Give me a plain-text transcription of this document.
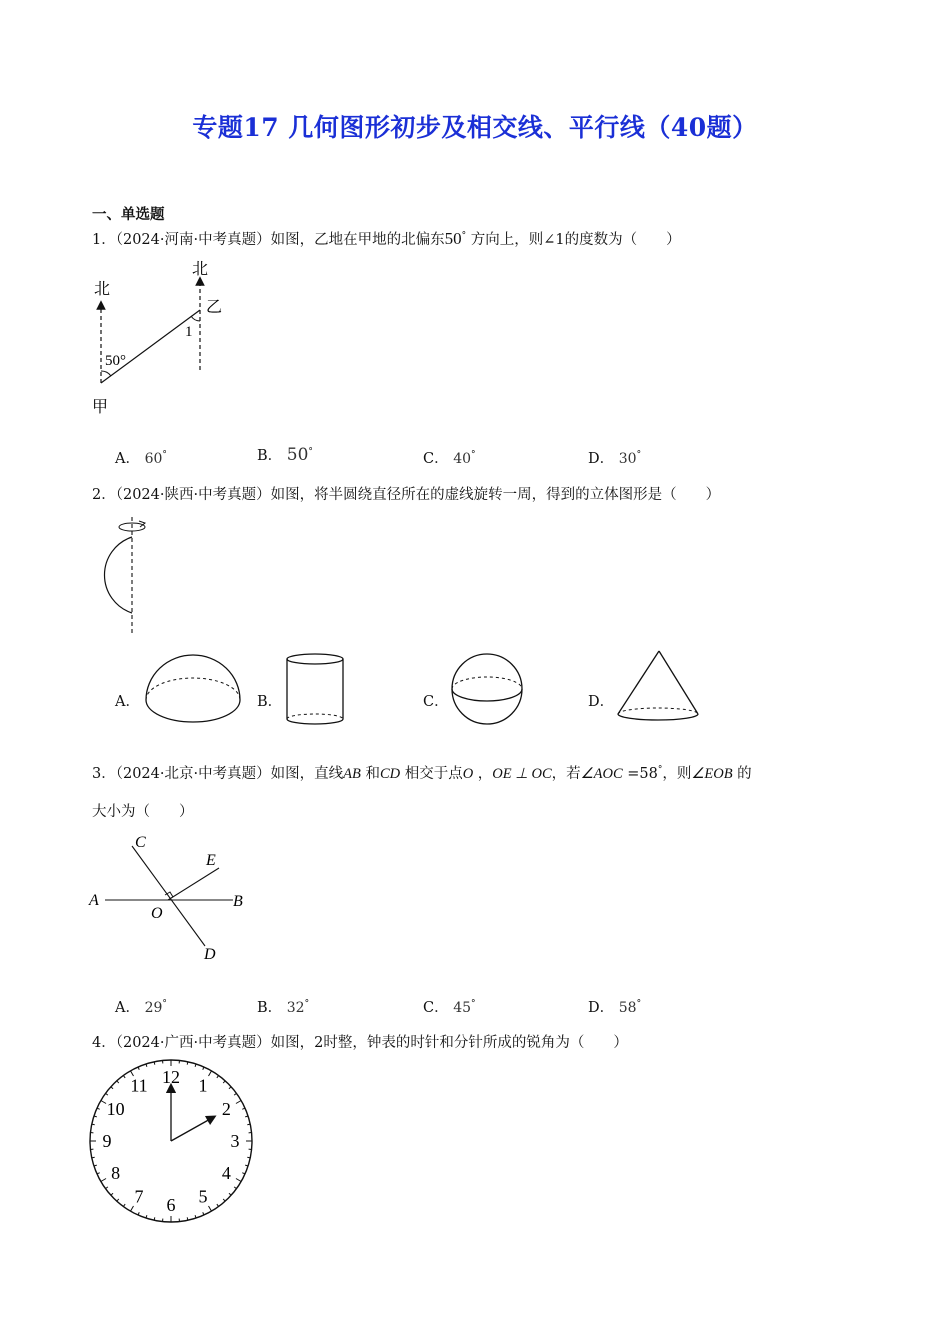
专题17 几何图形初步及相交线、平行线（40题）
一、单选题
1．（2024·河南·中考真题）如图，乙地在甲地的北偏东50° 方向上，则∠1的度数为（　　）
北
北
乙
50°
1
甲
A． 60°	B． 50°	C． 40°	D． 30°
2．（2024·陕西·中考真题）如图，将半圆绕直径所在的虚线旋转一周，得到的立体图形是（　　）
A．	B．	C．	D．
3．（2024·北京·中考真题）如图，直线AB 和CD 相交于点O ，OE ⊥ OC，若∠AOC =58°，则∠EOB 的
大小为（　　）
A	B
C
D
E
O
A． 29°	B． 32°	C． 45°	D． 58°
4．（2024·广西·中考真题）如图，2时整，钟表的时针和分针所成的锐角为（　　）
12 1
2
3
4
5
6
7
8
9
10
11
